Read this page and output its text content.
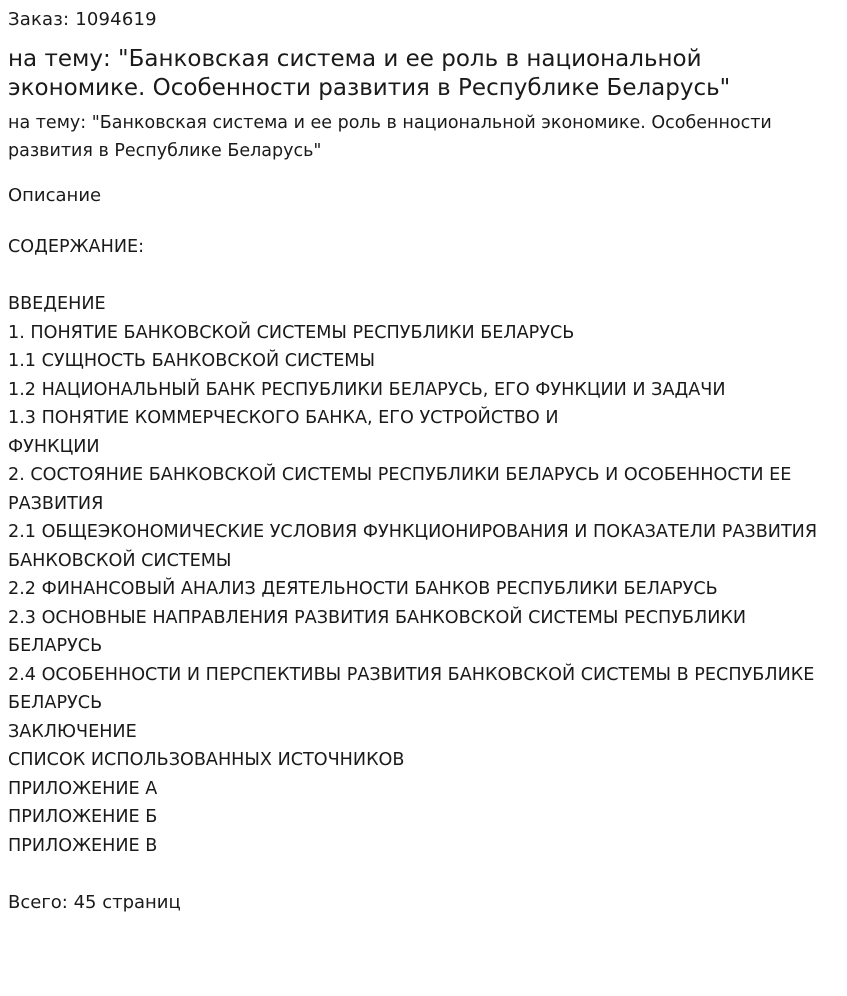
Заказ: 1094619

на тему: "Банковская система и ее роль в национальной экономике. Особенности развития в Республике Беларусь"

на тему: "Банковская система и ее роль в национальной экономике. Особенности развития в Республике Беларусь"

Описание

СОДЕРЖАНИЕ:

ВВЕДЕНИЕ
1. ПОНЯТИЕ БАНКОВСКОЙ СИСТЕМЫ РЕСПУБЛИКИ БЕЛАРУСЬ
1.1 СУЩНОСТЬ БАНКОВСКОЙ СИСТЕМЫ
1.2 НАЦИОНАЛЬНЫЙ БАНК РЕСПУБЛИКИ БЕЛАРУСЬ, ЕГО ФУНКЦИИ И ЗАДАЧИ
1.3 ПОНЯТИЕ КОММЕРЧЕСКОГО БАНКА, ЕГО УСТРОЙСТВО И
ФУНКЦИИ
2. СОСТОЯНИЕ БАНКОВСКОЙ СИСТЕМЫ РЕСПУБЛИКИ БЕЛАРУСЬ И ОСОБЕННОСТИ ЕЕ РАЗВИТИЯ
2.1 ОБЩЕЭКОНОМИЧЕСКИЕ УСЛОВИЯ ФУНКЦИОНИРОВАНИЯ И ПОКАЗАТЕЛИ РАЗВИТИЯ БАНКОВСКОЙ СИСТЕМЫ
2.2 ФИНАНСОВЫЙ АНАЛИЗ ДЕЯТЕЛЬНОСТИ БАНКОВ РЕСПУБЛИКИ БЕЛАРУСЬ
2.3 ОСНОВНЫЕ НАПРАВЛЕНИЯ РАЗВИТИЯ БАНКОВСКОЙ СИСТЕМЫ РЕСПУБЛИКИ БЕЛАРУСЬ
2.4 ОСОБЕННОСТИ И ПЕРСПЕКТИВЫ РАЗВИТИЯ БАНКОВСКОЙ СИСТЕМЫ В РЕСПУБЛИКЕ БЕЛАРУСЬ
ЗАКЛЮЧЕНИЕ
СПИСОК ИСПОЛЬЗОВАННЫХ ИСТОЧНИКОВ
ПРИЛОЖЕНИЕ А
ПРИЛОЖЕНИЕ Б
ПРИЛОЖЕНИЕ В

Всего: 45 страниц
